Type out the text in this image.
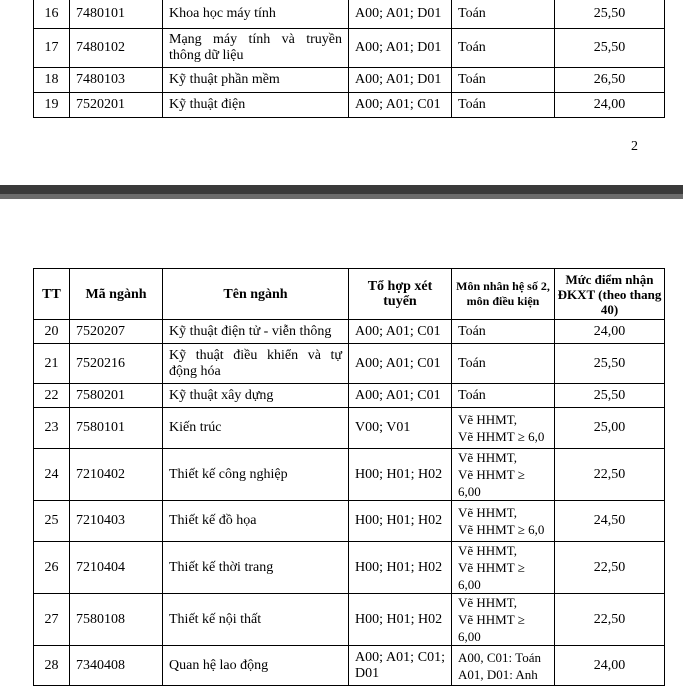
16	7480101	Khoa học máy tính	A00; A01; D01	Toán	25,50
17	7480102	Mạng máy tính và truyền thông dữ liệu	A00; A01; D01	Toán	25,50
18	7480103	Kỹ thuật phần mềm	A00; A01; D01	Toán	26,50
19	7520201	Kỹ thuật điện	A00; A01; C01	Toán	24,00
2
TT	Mã ngành	Tên ngành	Tổ hợp xét tuyển	Môn nhân hệ số 2, môn điều kiện	Mức điểm nhận ĐKXT (theo thang 40)
20	7520207	Kỹ thuật điện tử - viễn thông	A00; A01; C01	Toán	24,00
21	7520216	Kỹ thuật điều khiển và tự động hóa	A00; A01; C01	Toán	25,50
22	7580201	Kỹ thuật xây dựng	A00; A01; C01	Toán	25,50
23	7580101	Kiến trúc	V00; V01	Vẽ HHMT,
Vẽ HHMT ≥ 6,0	25,00
24	7210402	Thiết kế công nghiệp	H00; H01; H02	Vẽ HHMT,
Vẽ HHMT ≥ 6,00	22,50
25	7210403	Thiết kế đồ họa	H00; H01; H02	Vẽ HHMT,
Vẽ HHMT ≥ 6,0	24,50
26	7210404	Thiết kế thời trang	H00; H01; H02	Vẽ HHMT,
Vẽ HHMT ≥ 6,00	22,50
27	7580108	Thiết kế nội thất	H00; H01; H02	Vẽ HHMT,
Vẽ HHMT ≥ 6,00	22,50
28	7340408	Quan hệ lao động	A00; A01; C01; D01	A00, C01: Toán
A01, D01: Anh	24,00
